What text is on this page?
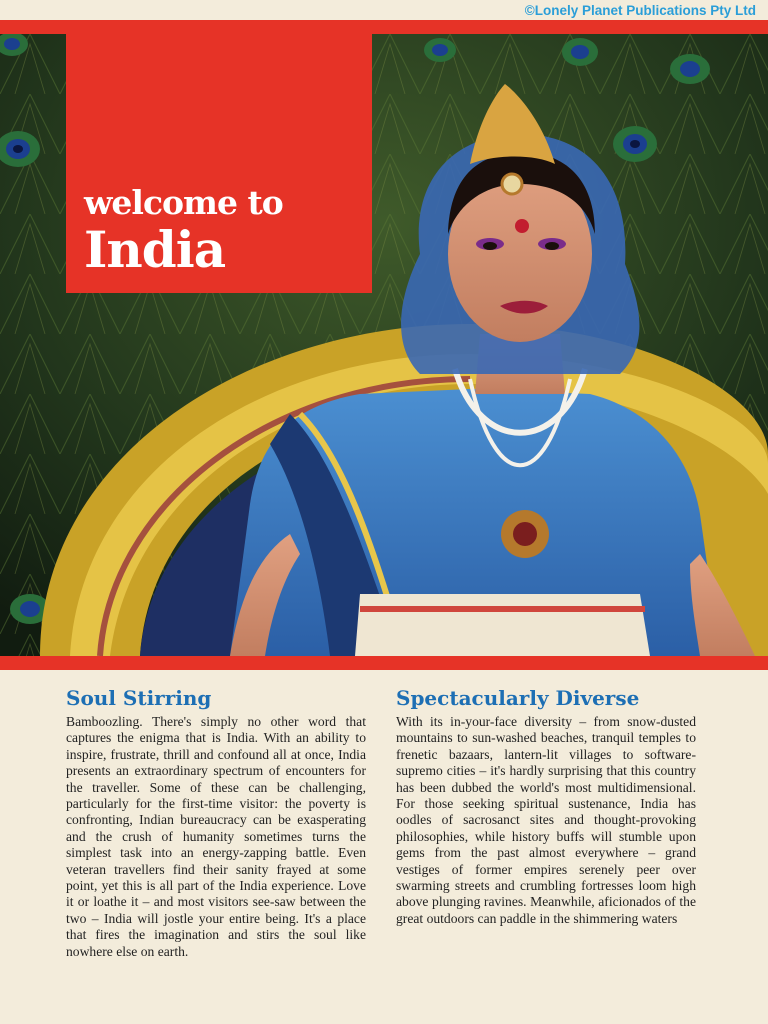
©Lonely Planet Publications Pty Ltd
welcome to
India
Soul Stirring

Bamboozling. There's simply no other word that captures the enigma that is India. With an ability to inspire, frustrate, thrill and confound all at once, India presents an extraordinary spectrum of encounters for the traveller. Some of these can be challenging, particularly for the first-time visitor: the poverty is confronting, Indian bureaucracy can be exasperating and the crush of humanity sometimes turns the simplest task into an energy-zapping battle. Even veteran travellers find their sanity frayed at some point, yet this is all part of the India experience. Love it or loathe it – and most visitors see-saw between the two – India will jostle your entire being. It's a place that fires the imagination and stirs the soul like nowhere else on earth.

Spectacularly Diverse

With its in-your-face diversity – from snow-dusted mountains to sun-washed beaches, tranquil temples to frenetic bazaars, lantern-lit villages to software-supremo cities – it's hardly surprising that this country has been dubbed the world's most multidimensional. For those seeking spiritual sustenance, India has oodles of sacrosanct sites and thought-provoking philosophies, while history buffs will stumble upon gems from the past almost everywhere – grand vestiges of former empires serenely peer over swarming streets and crumbling fortresses loom high above plunging ravines. Meanwhile, aficionados of the great outdoors can paddle in the shimmering waters
